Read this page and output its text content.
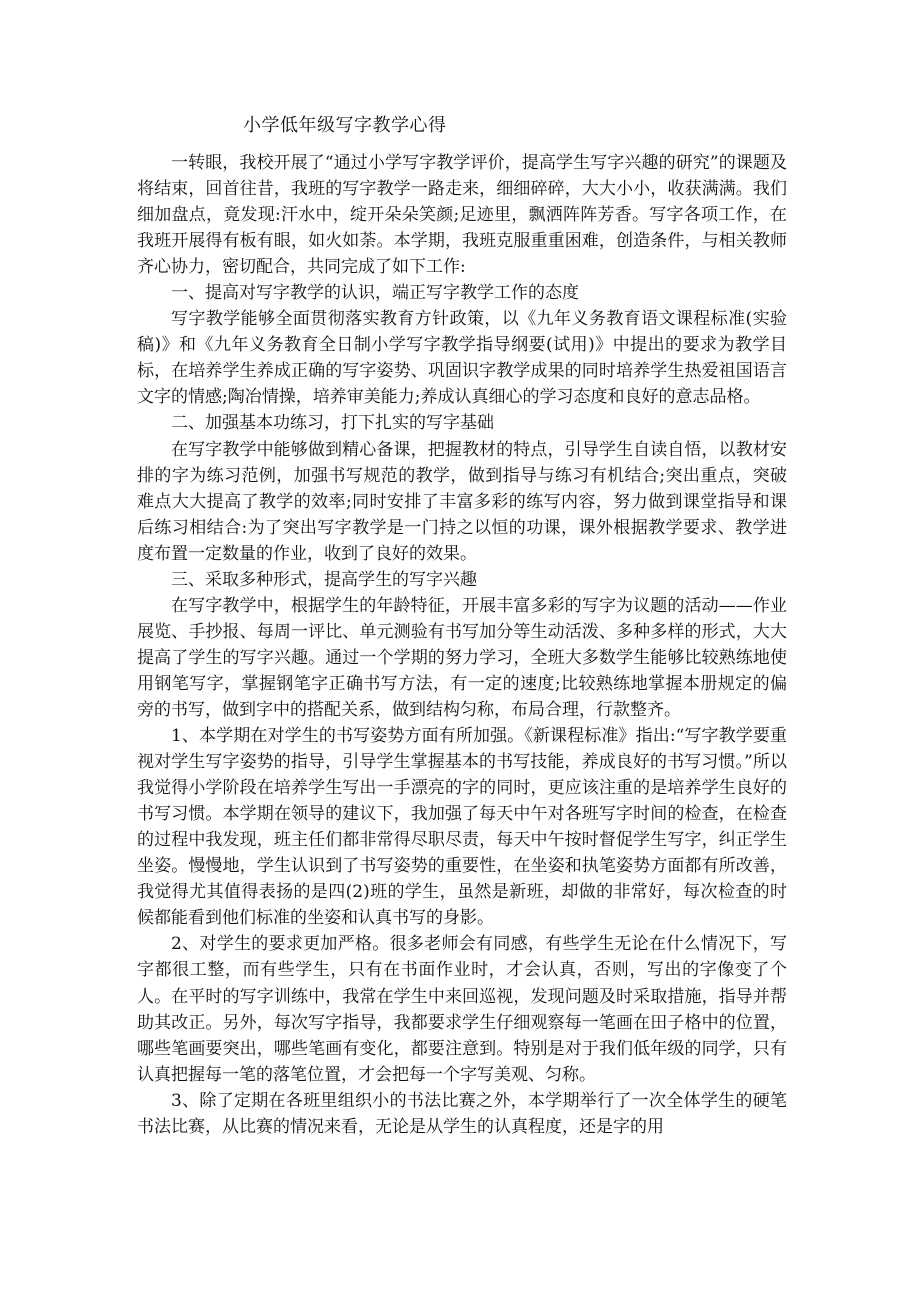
小学低年级写字教学心得

一转眼，我校开展了“通过小学写字教学评价，提高学生写字兴趣的研究”的课题及将结束，回首往昔，我班的写字教学一路走来，细细碎碎，大大小小，收获满满。我们细加盘点，竟发现:汗水中，绽开朵朵笑颜;足迹里，飘洒阵阵芳香。写字各项工作，在我班开展得有板有眼，如火如荼。本学期，我班克服重重困难，创造条件，与相关教师齐心协力，密切配合，共同完成了如下工作:

一、提高对写字教学的认识，端正写字教学工作的态度

写字教学能够全面贯彻落实教育方针政策，以《九年义务教育语文课程标准(实验稿)》和《九年义务教育全日制小学写字教学指导纲要(试用)》中提出的要求为教学目标，在培养学生养成正确的写字姿势、巩固识字教学成果的同时培养学生热爱祖国语言文字的情感;陶冶情操，培养审美能力;养成认真细心的学习态度和良好的意志品格。

二、加强基本功练习，打下扎实的写字基础

在写字教学中能够做到精心备课，把握教材的特点，引导学生自读自悟，以教材安排的字为练习范例，加强书写规范的教学，做到指导与练习有机结合;突出重点，突破难点大大提高了教学的效率;同时安排了丰富多彩的练写内容，努力做到课堂指导和课后练习相结合:为了突出写字教学是一门持之以恒的功课，课外根据教学要求、教学进度布置一定数量的作业，收到了良好的效果。

三、采取多种形式，提高学生的写字兴趣

在写字教学中，根据学生的年龄特征，开展丰富多彩的写字为议题的活动——作业展览、手抄报、每周一评比、单元测验有书写加分等生动活泼、多种多样的形式，大大提高了学生的写字兴趣。通过一个学期的努力学习，全班大多数学生能够比较熟练地使用钢笔写字，掌握钢笔字正确书写方法，有一定的速度;比较熟练地掌握本册规定的偏旁的书写，做到字中的搭配关系，做到结构匀称，布局合理，行款整齐。

1、本学期在对学生的书写姿势方面有所加强。《新课程标准》指出:“写字教学要重视对学生写字姿势的指导，引导学生掌握基本的书写技能，养成良好的书写习惯。”所以我觉得小学阶段在培养学生写出一手漂亮的字的同时，更应该注重的是培养学生良好的书写习惯。本学期在领导的建议下，我加强了每天中午对各班写字时间的检查，在检查的过程中我发现，班主任们都非常得尽职尽责，每天中午按时督促学生写字，纠正学生坐姿。慢慢地，学生认识到了书写姿势的重要性，在坐姿和执笔姿势方面都有所改善，我觉得尤其值得表扬的是四(2)班的学生，虽然是新班，却做的非常好，每次检查的时候都能看到他们标准的坐姿和认真书写的身影。

2、对学生的要求更加严格。很多老师会有同感，有些学生无论在什么情况下，写字都很工整，而有些学生，只有在书面作业时，才会认真，否则，写出的字像变了个人。在平时的写字训练中，我常在学生中来回巡视，发现问题及时采取措施，指导并帮助其改正。另外，每次写字指导，我都要求学生仔细观察每一笔画在田子格中的位置，哪些笔画要突出，哪些笔画有变化，都要注意到。特别是对于我们低年级的同学，只有认真把握每一笔的落笔位置，才会把每一个字写美观、匀称。

3、除了定期在各班里组织小的书法比赛之外，本学期举行了一次全体学生的硬笔书法比赛，从比赛的情况来看，无论是从学生的认真程度，还是字的用
